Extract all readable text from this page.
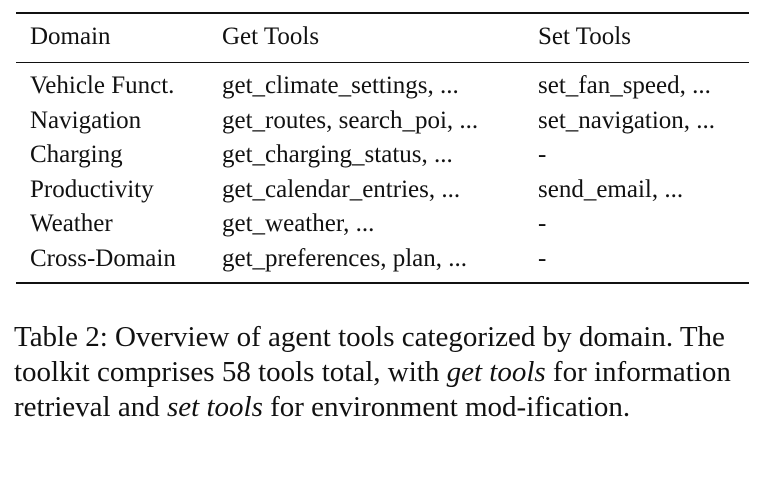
Domain	Get Tools	Set Tools
Vehicle Funct. get_climate_settings, ...	set_fan_speed, ...
Navigation	get_routes, search_poi, ... set_navigation, ...
Charging	get_charging_status, ...	-
Productivity	get_calendar_entries, ...	send_email, ...
Weather	get_weather, ...	-
Cross-Domain get_preferences, plan, ...	-
Table 2: Overview of agent tools categorized by domain. The toolkit comprises 58 tools total, with get tools for information retrieval and set tools for environment mod-ification.
